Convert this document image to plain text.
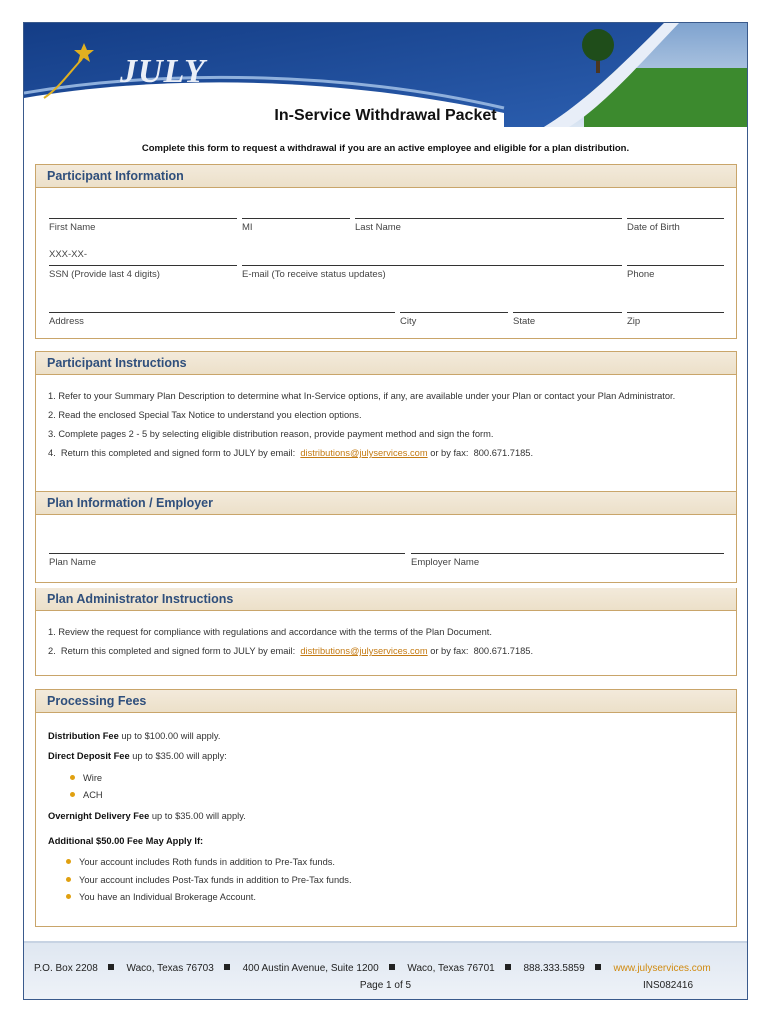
JULY
In-Service Withdrawal Packet
Complete this form to request a withdrawal if you are an active employee and eligible for a plan distribution.
Participant Information
First Name	MI	Last Name	Date of Birth
XXX-XX-
SSN (Provide last 4 digits)	E-mail (To receive status updates)	Phone
Address	City	State	Zip
Participant Instructions
1. Refer to your Summary Plan Description to determine what In-Service options, if any, are available under your Plan or contact your Plan Administrator.
2. Read the enclosed Special Tax Notice to understand you election options.
3. Complete pages 2 - 5 by selecting eligible distribution reason, provide payment method and sign the form.
4.  Return this completed and signed form to JULY by email:  distributions@julyservices.com or by fax:  800.671.7185.
Plan Information / Employer
Plan Name	Employer Name
Plan Administrator Instructions
1. Review the request for compliance with regulations and accordance with the terms of the Plan Document.
2.  Return this completed and signed form to JULY by email:  distributions@julyservices.com or by fax:  800.671.7185.
Processing Fees
Distribution Fee up to $100.00 will apply.
Direct Deposit Fee up to $35.00 will apply:
Wire
ACH
Overnight Delivery Fee up to $35.00 will apply.
Additional $50.00 Fee May Apply If:
Your account includes Roth funds in addition to Pre-Tax funds.
Your account includes Post-Tax funds in addition to Pre-Tax funds.
You have an Individual Brokerage Account.
P.O. Box 2208	Waco, Texas 76703	400 Austin Avenue, Suite 1200	Waco, Texas 76701	888.333.5859	www.julyservices.com
Page 1 of 5	INS082416
